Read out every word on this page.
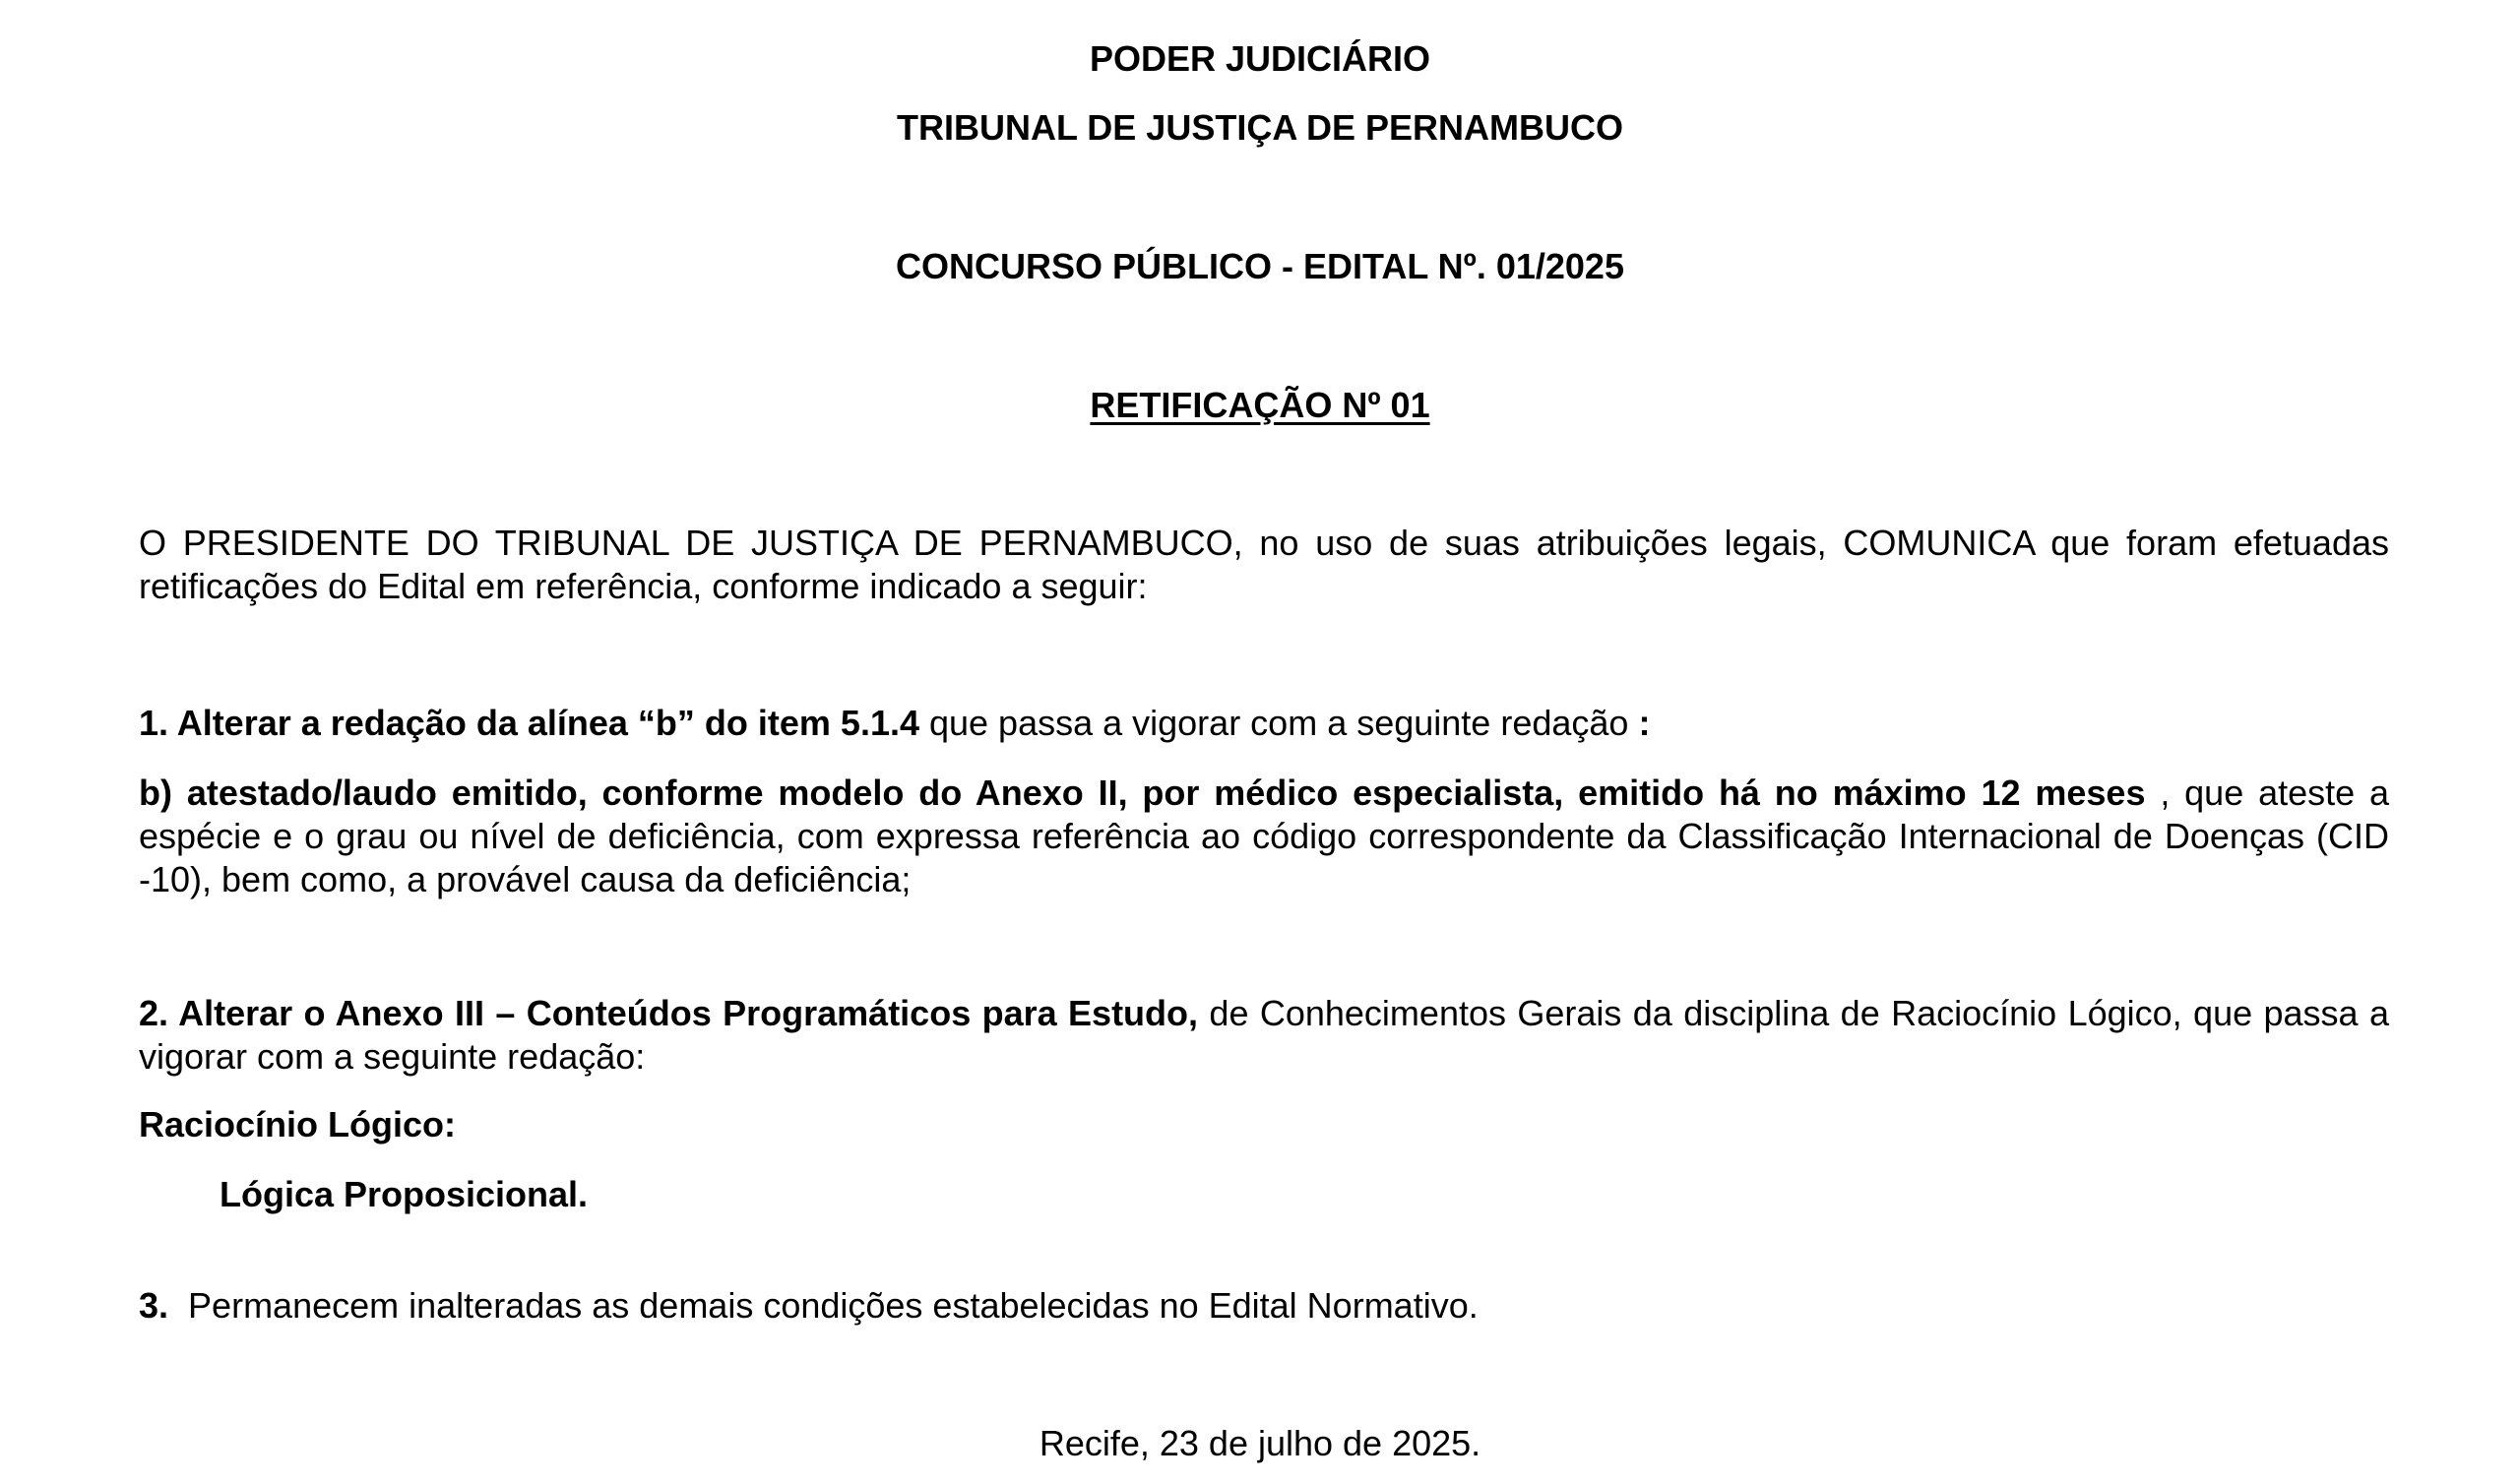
PODER JUDICIÁRIO
TRIBUNAL DE JUSTIÇA DE PERNAMBUCO
CONCURSO PÚBLICO - EDITAL Nº. 01/2025
RETIFICAÇÃO Nº 01
O PRESIDENTE DO TRIBUNAL DE JUSTIÇA DE PERNAMBUCO, no uso de suas atribuições legais, COMUNICA que foram efetuadas retificações do Edital em referência, conforme indicado a seguir:
1. Alterar a redação da alínea “b” do item 5.1.4 que passa a vigorar com a seguinte redação :
b) atestado/laudo emitido, conforme modelo do Anexo II, por médico especialista, emitido há no máximo 12 meses , que ateste a espécie e o grau ou nível de deficiência, com expressa referência ao código correspondente da Classificação Internacional de Doenças (CID -10), bem como, a provável causa da deficiência;
2. Alterar o Anexo III – Conteúdos Programáticos para Estudo, de Conhecimentos Gerais da disciplina de Raciocínio Lógico, que passa a vigorar com a seguinte redação:
Raciocínio Lógico:
Lógica Proposicional.
3. Permanecem inalteradas as demais condições estabelecidas no Edital Normativo.
Recife, 23 de julho de 2025.
